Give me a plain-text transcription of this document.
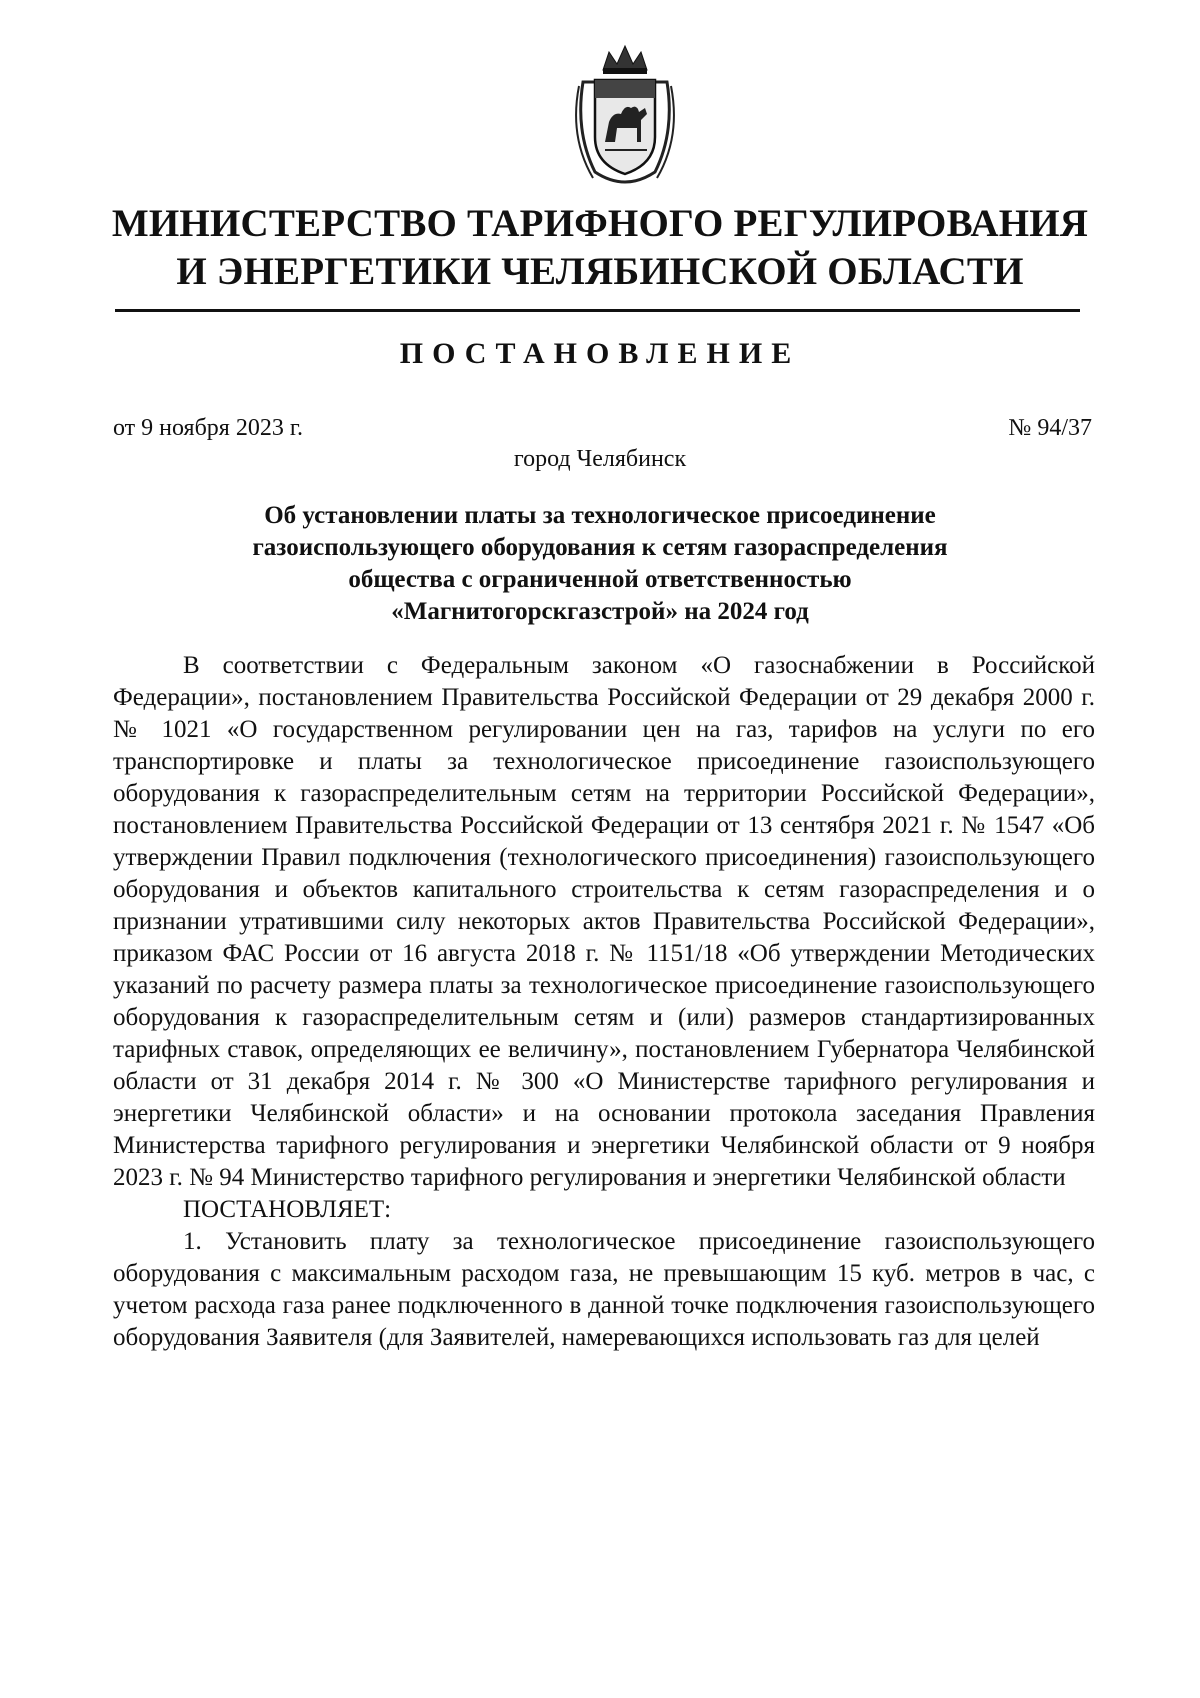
МИНИСТЕРСТВО ТАРИФНОГО РЕГУЛИРОВАНИЯ
И ЭНЕРГЕТИКИ ЧЕЛЯБИНСКОЙ ОБЛАСТИ
ПОСТАНОВЛЕНИЕ
от 9 ноября 2023 г.	№ 94/37
город Челябинск
Об установлении платы за технологическое присоединение
газоиспользующего оборудования к сетям газораспределения
общества с ограниченной ответственностью
«Магнитогорскгазстрой» на 2024 год

В соответствии с Федеральным законом «О газоснабжении в Российской Федерации», постановлением Правительства Российской Федерации от 29 декабря 2000 г. № 1021 «О государственном регулировании цен на газ, тарифов на услуги по его транспортировке и платы за технологическое присоединение газоиспользующего оборудования к газораспределительным сетям на территории Российской Федерации», постановлением Правительства Российской Федерации от 13 сентября 2021 г. № 1547 «Об утверждении Правил подключения (технологического присоединения) газоиспользующего оборудования и объектов капитального строительства к сетям газораспределения и о признании утратившими силу некоторых актов Правительства Российской Федерации», приказом ФАС России от 16 августа 2018 г. № 1151/18 «Об утверждении Методических указаний по расчету размера платы за технологическое присоединение газоиспользующего оборудования к газораспределительным сетям и (или) размеров стандартизированных тарифных ставок, определяющих ее величину», постановлением Губернатора Челябинской области от 31 декабря 2014 г. № 300 «О Министерстве тарифного регулирования и энергетики Челябинской области» и на основании протокола заседания Правления Министерства тарифного регулирования и энергетики Челябинской области от 9 ноября 2023 г. № 94 Министерство тарифного регулирования и энергетики Челябинской области

ПОСТАНОВЛЯЕТ:

1. Установить плату за технологическое присоединение газоиспользующего оборудования с максимальным расходом газа, не превышающим 15 куб. метров в час, с учетом расхода газа ранее подключенного в данной точке подключения газоиспользующего оборудования Заявителя (для Заявителей, намеревающихся использовать газ для целей
